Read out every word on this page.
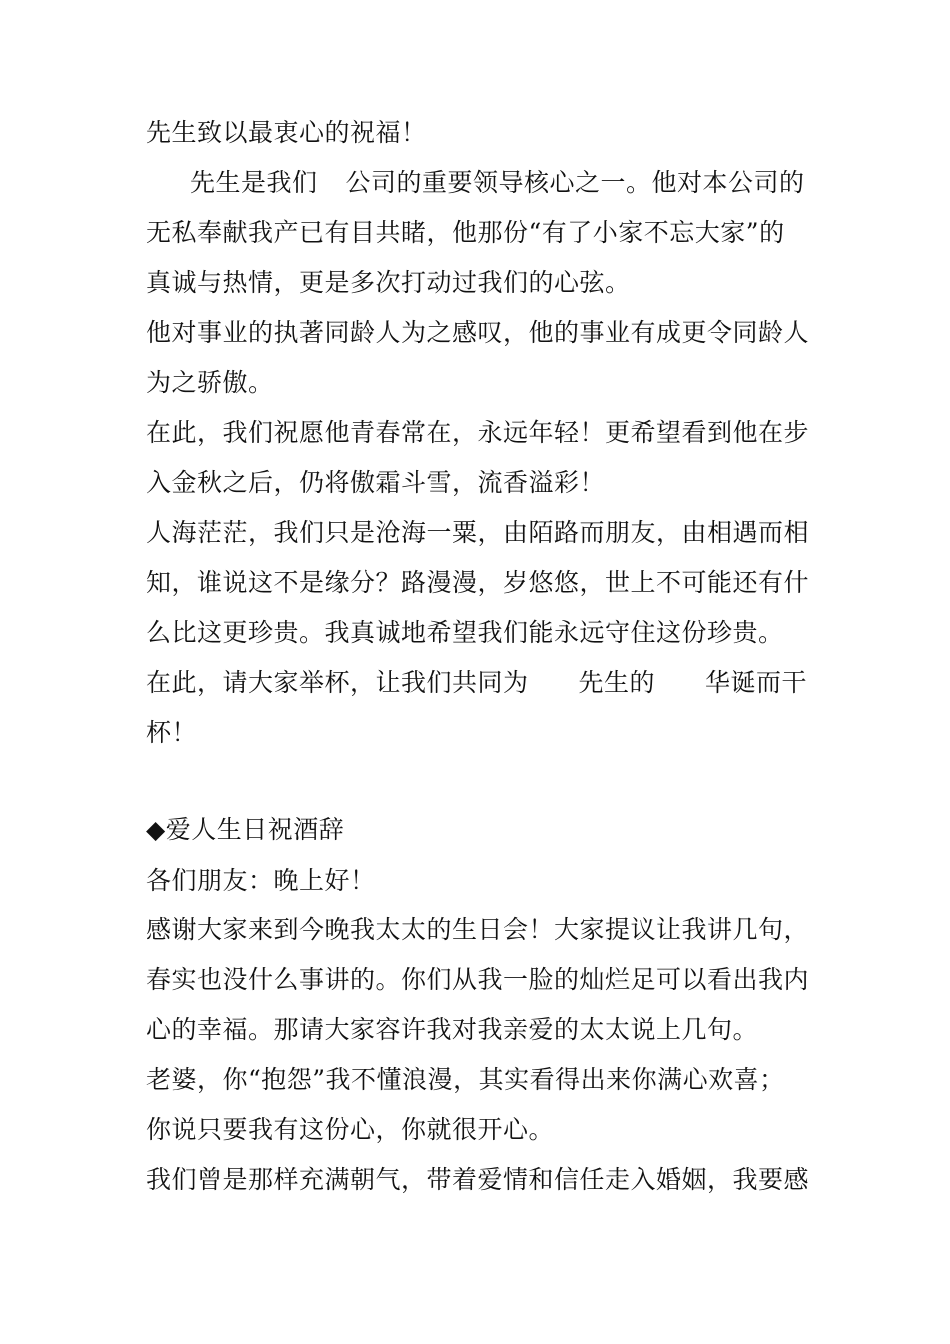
先生致以最衷心的祝福！
先生是我们 公司的重要领导核心之一。他对本公司的
无私奉献我产已有目共睹，他那份“有了小家不忘大家”的
真诚与热情，更是多次打动过我们的心弦。
他对事业的执著同龄人为之感叹，他的事业有成更令同龄人
为之骄傲。
在此，我们祝愿他青春常在，永远年轻！更希望看到他在步
入金秋之后，仍将傲霜斗雪，流香溢彩！
人海茫茫，我们只是沧海一粟，由陌路而朋友，由相遇而相
知，谁说这不是缘分？路漫漫，岁悠悠，世上不可能还有什
么比这更珍贵。我真诚地希望我们能永远守住这份珍贵。
在此，请大家举杯，让我们共同为 先生的 华诞而干
杯！
◆爱人生日祝酒辞
各们朋友：晚上好！
感谢大家来到今晚我太太的生日会！大家提议让我讲几句，
春实也没什么事讲的。你们从我一脸的灿烂足可以看出我内
心的幸福。那请大家容许我对我亲爱的太太说上几句。
老婆，你“抱怨”我不懂浪漫，其实看得出来你满心欢喜；
你说只要我有这份心，你就很开心。
我们曾是那样充满朝气，带着爱情和信任走入婚姻，我要感
